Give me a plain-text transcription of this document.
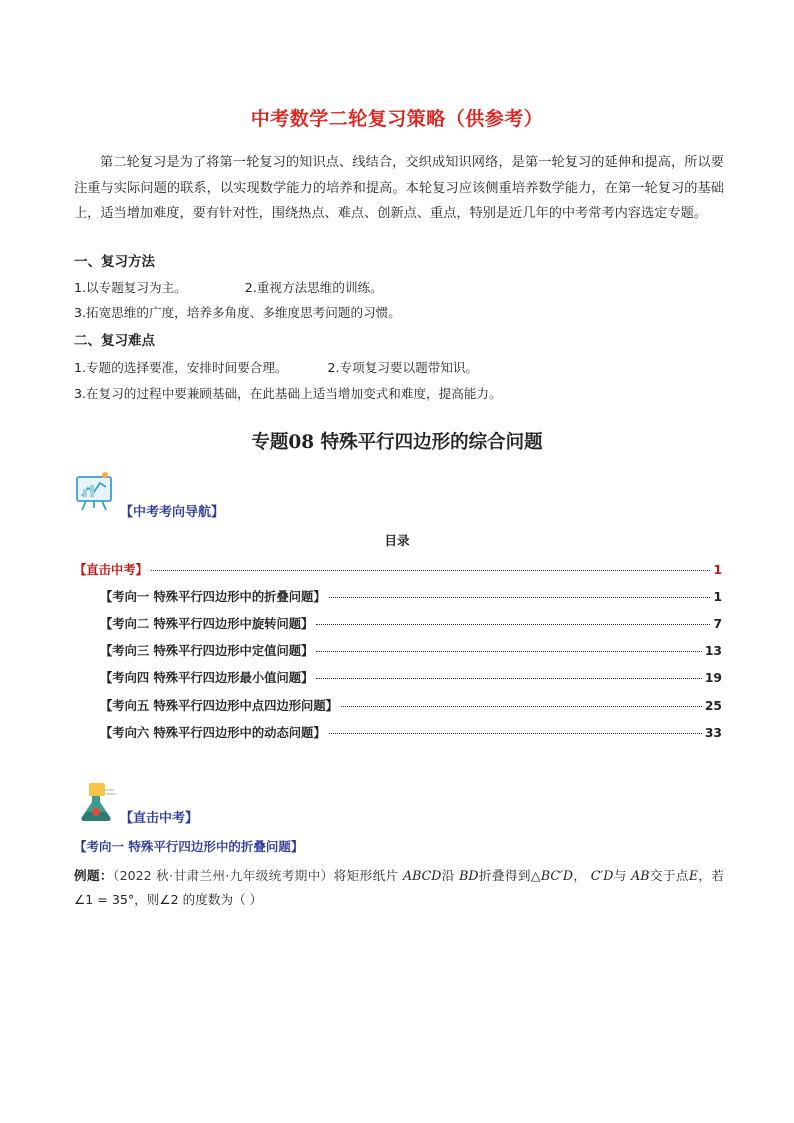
中考数学二轮复习策略（供参考）
第二轮复习是为了将第一轮复习的知识点、线结合，交织成知识网络，是第一轮复习的延伸和提高，所以要注重与实际问题的联系，以实现数学能力的培养和提高。本轮复习应该侧重培养数学能力，在第一轮复习的基础上，适当增加难度，要有针对性，围绕热点、难点、创新点、重点，特别是近几年的中考常考内容选定专题。
一、复习方法
1.以专题复习为主。	2.重视方法思维的训练。
3.拓宽思维的广度，培养多角度、多维度思考问题的习惯。
二、复习难点
1.专题的选择要准，安排时间要合理。	2.专项复习要以题带知识。
3.在复习的过程中要兼顾基础，在此基础上适当增加变式和难度，提高能力。
专题08 特殊平行四边形的综合问题
【中考考向导航】
目录
【直击中考】	1
【考向一 特殊平行四边形中的折叠问题】	1
【考向二 特殊平行四边形中旋转问题】	7
【考向三 特殊平行四边形中定值问题】	13
【考向四 特殊平行四边形最小值问题】	19
【考向五 特殊平行四边形中点四边形问题】	25
【考向六 特殊平行四边形中的动态问题】	33
【直击中考】
【考向一 特殊平行四边形中的折叠问题】
例题：（2022 秋·甘肃兰州·九年级统考期中）将矩形纸片 ABCD沿 BD折叠得到△BC′D， C′D与 AB交于点E，若∠1 = 35°，则∠2 的度数为（ ）
